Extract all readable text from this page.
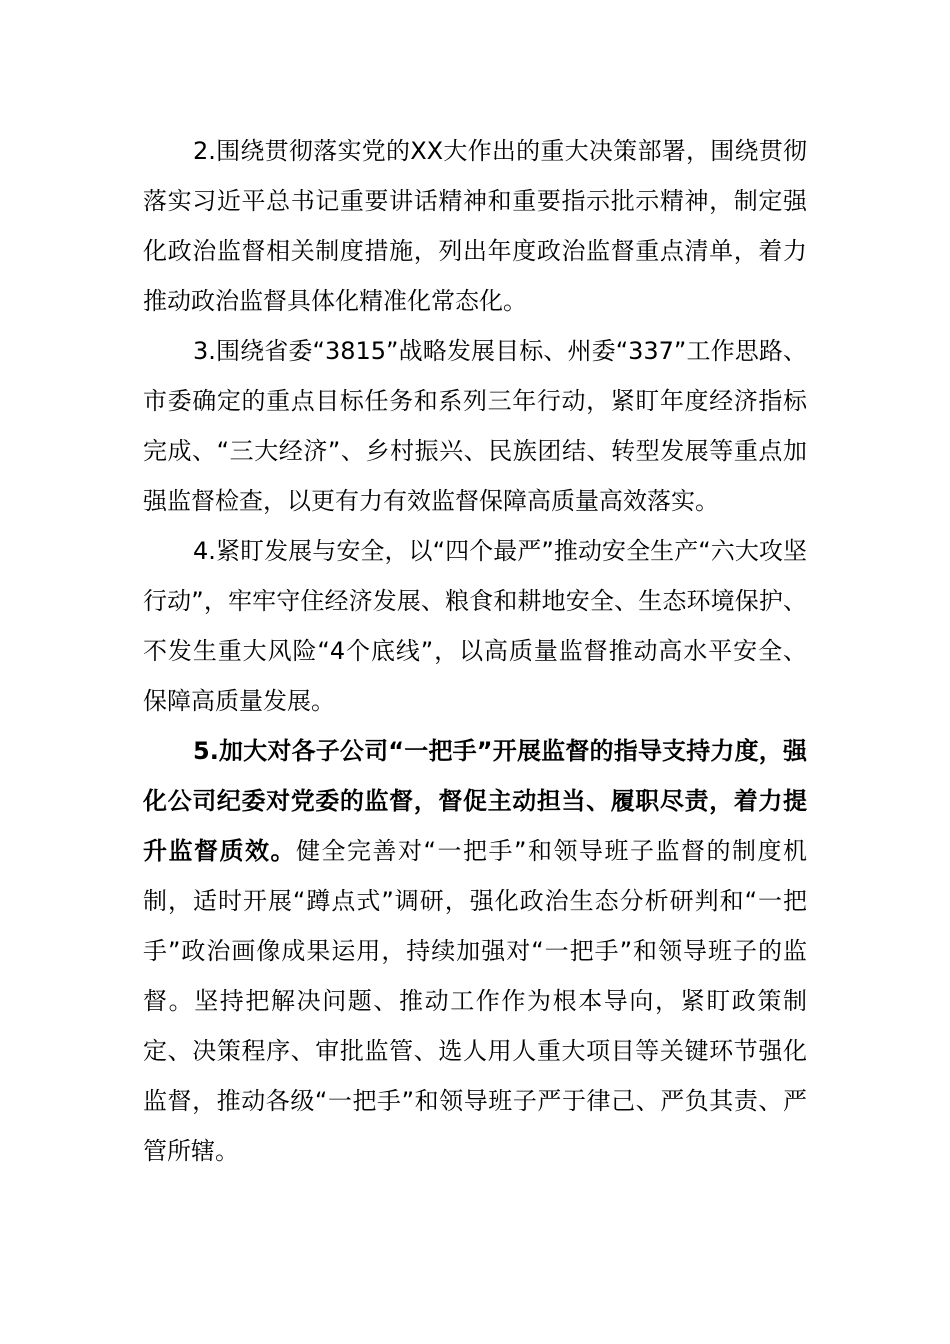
2.围绕贯彻落实党的XX大作出的重大决策部署，围绕贯彻落实习近平总书记重要讲话精神和重要指示批示精神，制定强化政治监督相关制度措施，列出年度政治监督重点清单，着力推动政治监督具体化精准化常态化。

3.围绕省委“3815”战略发展目标、州委“337”工作思路、市委确定的重点目标任务和系列三年行动，紧盯年度经济指标完成、“三大经济”、乡村振兴、民族团结、转型发展等重点加强监督检查，以更有力有效监督保障高质量高效落实。

4.紧盯发展与安全，以“四个最严”推动安全生产“六大攻坚行动”，牢牢守住经济发展、粮食和耕地安全、生态环境保护、不发生重大风险“4个底线”，以高质量监督推动高水平安全、保障高质量发展。

5.加大对各子公司“一把手”开展监督的指导支持力度，强化公司纪委对党委的监督，督促主动担当、履职尽责，着力提升监督质效。健全完善对“一把手”和领导班子监督的制度机制，适时开展“蹲点式”调研，强化政治生态分析研判和“一把手”政治画像成果运用，持续加强对“一把手”和领导班子的监督。坚持把解决问题、推动工作作为根本导向，紧盯政策制定、决策程序、审批监管、选人用人重大项目等关键环节强化监督，推动各级“一把手”和领导班子严于律己、严负其责、严管所辖。
